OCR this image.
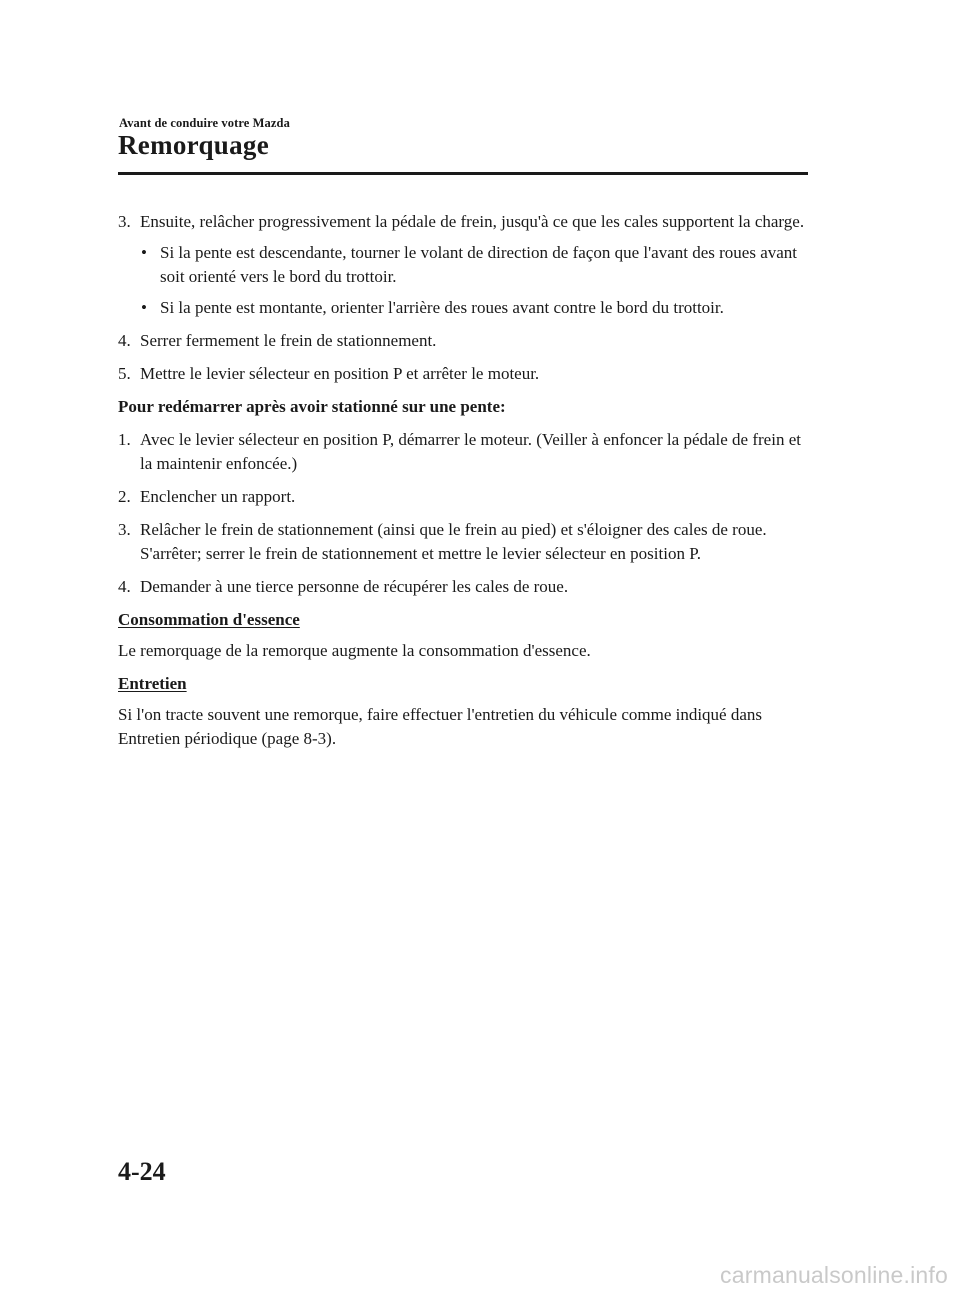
Avant de conduire votre Mazda
Remorquage
3. Ensuite, relâcher progressivement la pédale de frein, jusqu'à ce que les cales supportent la charge.
• Si la pente est descendante, tourner le volant de direction de façon que l'avant des roues avant soit orienté vers le bord du trottoir.
• Si la pente est montante, orienter l'arrière des roues avant contre le bord du trottoir.
4. Serrer fermement le frein de stationnement.
5. Mettre le levier sélecteur en position P et arrêter le moteur.
Pour redémarrer après avoir stationné sur une pente:
1. Avec le levier sélecteur en position P, démarrer le moteur. (Veiller à enfoncer la pédale de frein et la maintenir enfoncée.)
2. Enclencher un rapport.
3. Relâcher le frein de stationnement (ainsi que le frein au pied) et s'éloigner des cales de roue. S'arrêter; serrer le frein de stationnement et mettre le levier sélecteur en position P.
4. Demander à une tierce personne de récupérer les cales de roue.
Consommation d'essence
Le remorquage de la remorque augmente la consommation d'essence.
Entretien
Si l'on tracte souvent une remorque, faire effectuer l'entretien du véhicule comme indiqué dans Entretien périodique (page 8-3).
4-24
carmanualsonline.info
